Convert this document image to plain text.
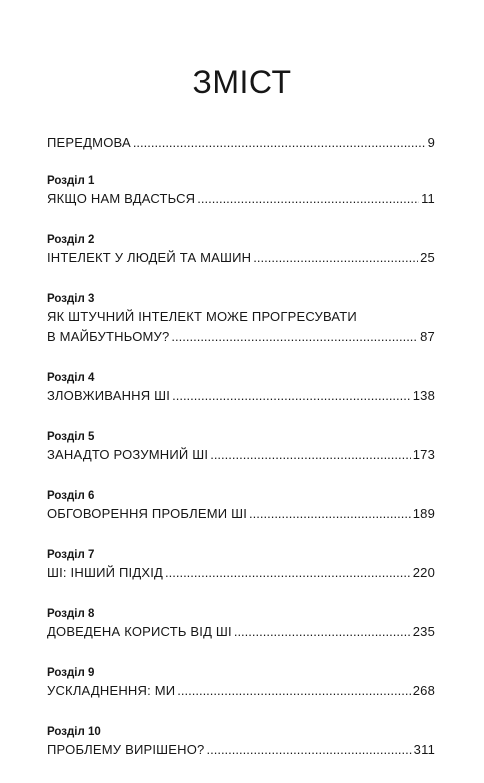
ЗМІСТ
ПЕРЕДМОВА .....	9
Розділ 1
ЯКЩО НАМ ВДАСТЬСЯ .....	11
Розділ 2
ІНТЕЛЕКТ У ЛЮДЕЙ ТА МАШИН .....	25
Розділ 3
ЯК ШТУЧНИЙ ІНТЕЛЕКТ МОЖЕ ПРОГРЕСУВАТИ
В МАЙБУТНЬОМУ? .....	87
Розділ 4
ЗЛОВЖИВАННЯ ШІ .....	138
Розділ 5
ЗАНАДТО РОЗУМНИЙ ШІ .....	173
Розділ 6
ОБГОВОРЕННЯ ПРОБЛЕМИ ШІ .....	189
Розділ 7
ШІ: ІНШИЙ ПІДХІД .....	220
Розділ 8
ДОВЕДЕНА КОРИСТЬ ВІД ШІ .....	235
Розділ 9
УСКЛАДНЕННЯ: МИ .....	268
Розділ 10
ПРОБЛЕМУ ВИРІШЕНО? .....	311
